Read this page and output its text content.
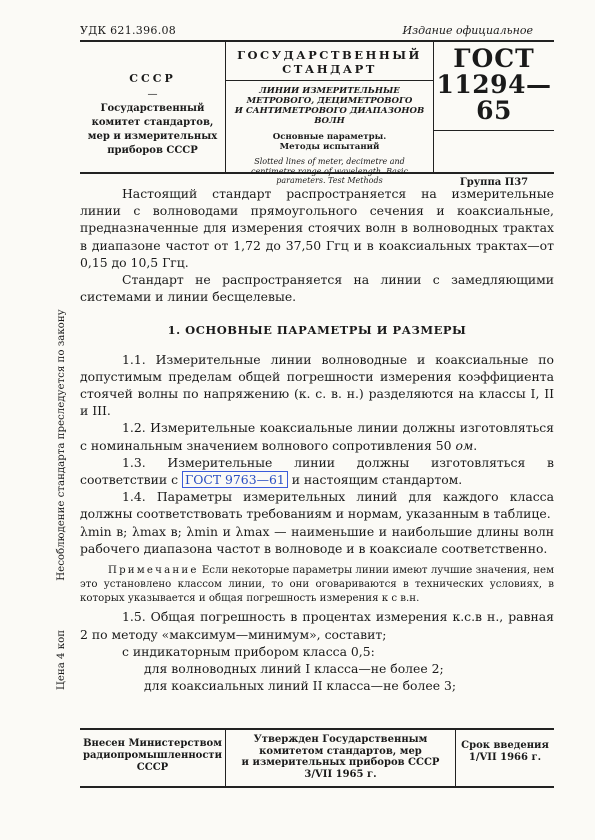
УДК 621.396.08	Издание официальное
СССР
—
Государственный
комитет стандартов,
мер и измерительных
приборов СССР
ГОСУДАРСТВЕННЫЙ
СТАНДАРТ
ЛИНИИ ИЗМЕРИТЕЛЬНЫЕ
МЕТРОВОГО, ДЕЦИМЕТРОВОГО
И САНТИМЕТРОВОГО ДИАПАЗОНОВ
ВОЛН
Основные параметры.
Методы испытаний
Slotted lines of meter, decimetre and
centimetre range of wavelength. Basic
parameters. Test Methods
ГОСТ
11294—65
Группа П37
Цена 4 коп Несоблюдение стандарта преследуется по закону

Настоящий стандарт распространяется на измерительные линии с волноводами прямоугольного сечения и коаксиальные, предназначенные для измерения стоячих волн в волноводных трактах в диапазоне частот от 1,72 до 37,50 Ггц и в коаксиальных трактах—от 0,15 до 10,5 Ггц.

Стандарт не распространяется на линии с замедляющими системами и линии бесщелевые.

1. ОСНОВНЫЕ ПАРАМЕТРЫ И РАЗМЕРЫ

1.1. Измерительные линии волноводные и коаксиальные по допустимым пределам общей погрешности измерения коэффициента стоячей волны по напряжению (к. с. в. н.) разделяются на классы I, II и III.

1.2. Измерительные коаксиальные линии должны изготовляться с номинальным значением волнового сопротивления 50 ом.

1.3. Измерительные линии должны изготовляться в соответствии с ГОСТ 9763—61 и настоящим стандартом.

1.4. Параметры измерительных линий для каждого класса должны соответствовать требованиям и нормам, указанным в таблице.

λmin в; λmax в; λmin и λmax — наименьшие и наибольшие длины волн рабочего диапазона частот в волноводе и в коаксиале соответственно.

Примечание Если некоторые параметры линии имеют лучшие значения, нем это установлено классом линии, то они оговариваются в технических условиях, в которых указывается и общая погрешность измерения к с в.н.

1.5. Общая погрешность в процентах измерения к.с.в н., равная 2 по методу «максимум—минимум», составит;

с индикаторным прибором класса 0,5:

для волноводных линий I класса—не более 2;

для коаксиальных линий II класса—не более 3;

Внесен Министерством
радиопромышленности
СССР
Утвержден Государственным
комитетом стандартов, мер
и измерительных приборов СССР
3/VII 1965 г.
Срок введения
1/VII 1966 г.
